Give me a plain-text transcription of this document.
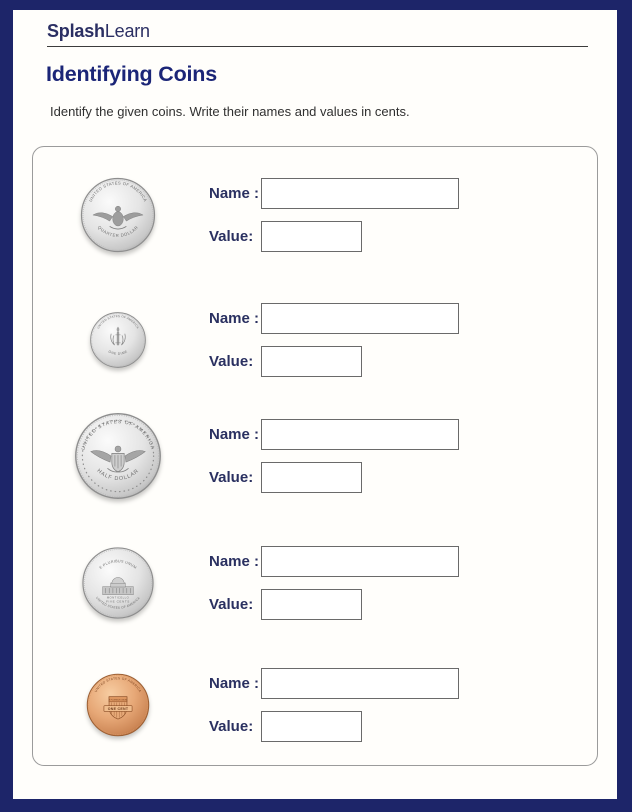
SplashLearn
Identifying Coins
Identify the given coins. Write their names and values in cents.
UNITED STATES OF AMERICA
QUARTER DOLLAR
Name :
Value:
UNITED STATES OF AMERICA
ONE DIME
Name :
Value:
UNITED STATES OF AMERICA
HALF DOLLAR
Name :
Value:
MONTICELLO
FIVE CENTS
E PLURIBUS UNUM
UNITED STATES OF AMERICA
Name :
Value:
E PLURIBUS UNUM
ONE CENT
UNITED STATES OF AMERICA	Name :
Value:
